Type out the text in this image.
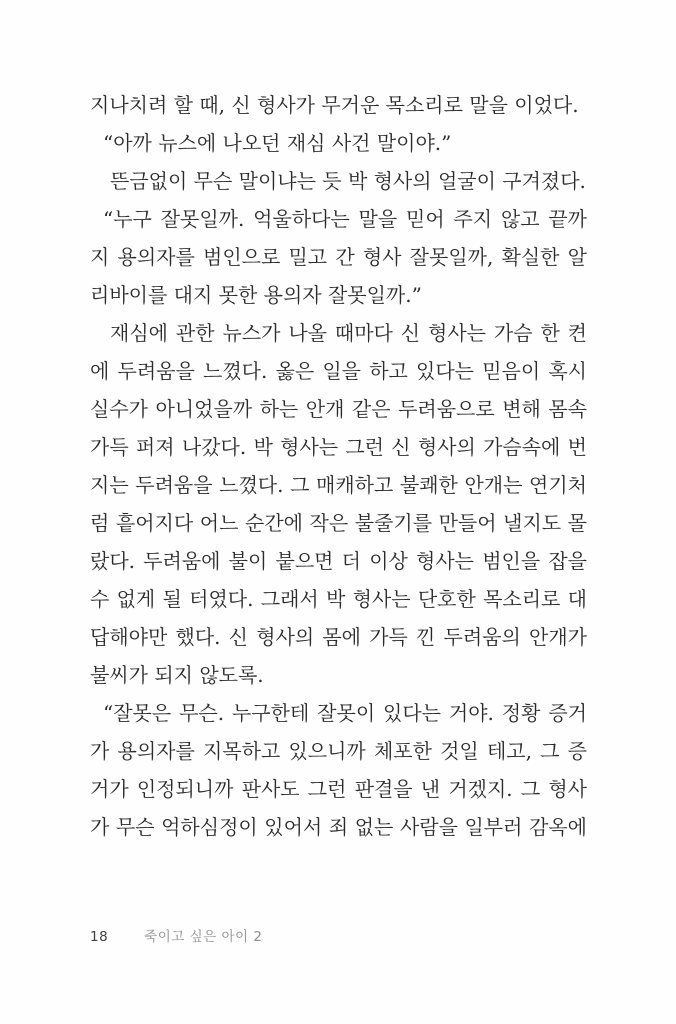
지나치려 할 때, 신 형사가 무거운 목소리로 말을 이었다.
“아까 뉴스에 나오던 재심 사건 말이야.”
뜬금없이 무슨 말이냐는 듯 박 형사의 얼굴이 구겨졌다.
“누구 잘못일까. 억울하다는 말을 믿어 주지 않고 끝까
지 용의자를 범인으로 밀고 간 형사 잘못일까, 확실한 알
리바이를 대지 못한 용의자 잘못일까.”
재심에 관한 뉴스가 나올 때마다 신 형사는 가슴 한 켠
에 두려움을 느꼈다. 옳은 일을 하고 있다는 믿음이 혹시
실수가 아니었을까 하는 안개 같은 두려움으로 변해 몸속
가득 퍼져 나갔다. 박 형사는 그런 신 형사의 가슴속에 번
지는 두려움을 느꼈다. 그 매캐하고 불쾌한 안개는 연기처
럼 흩어지다 어느 순간에 작은 불줄기를 만들어 낼지도 몰
랐다. 두려움에 불이 붙으면 더 이상 형사는 범인을 잡을
수 없게 될 터였다. 그래서 박 형사는 단호한 목소리로 대
답해야만 했다. 신 형사의 몸에 가득 낀 두려움의 안개가
불씨가 되지 않도록.
“잘못은 무슨. 누구한테 잘못이 있다는 거야. 정황 증거
가 용의자를 지목하고 있으니까 체포한 것일 테고, 그 증
거가 인정되니까 판사도 그런 판결을 낸 거겠지. 그 형사
가 무슨 억하심정이 있어서 죄 없는 사람을 일부러 감옥에
18	죽이고 싶은 아이 2
